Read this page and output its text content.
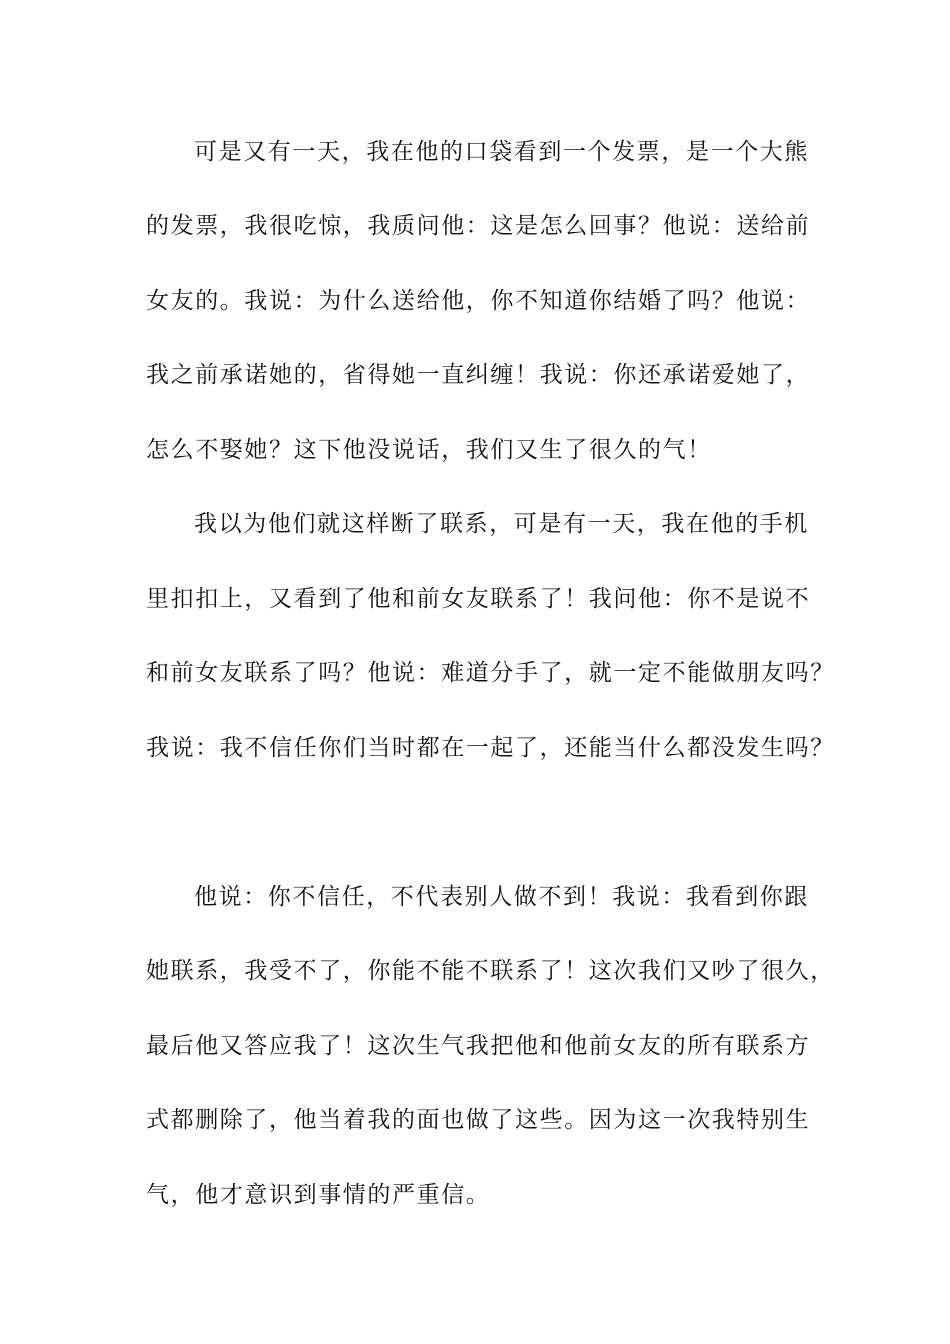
可是又有一天，我在他的口袋看到一个发票，是一个大熊
的发票，我很吃惊，我质问他：这是怎么回事？他说：送给前
女友的。我说：为什么送给他，你不知道你结婚了吗？他说：
我之前承诺她的，省得她一直纠缠！我说：你还承诺爱她了，
怎么不娶她？这下他没说话，我们又生了很久的气！
我以为他们就这样断了联系，可是有一天，我在他的手机
里扣扣上，又看到了他和前女友联系了！我问他：你不是说不
和前女友联系了吗？他说：难道分手了，就一定不能做朋友吗？
我说：我不信任你们当时都在一起了，还能当什么都没发生吗？
他说：你不信任，不代表别人做不到！我说：我看到你跟
她联系，我受不了，你能不能不联系了！这次我们又吵了很久，
最后他又答应我了！这次生气我把他和他前女友的所有联系方
式都删除了，他当着我的面也做了这些。因为这一次我特别生
气，他才意识到事情的严重信。
